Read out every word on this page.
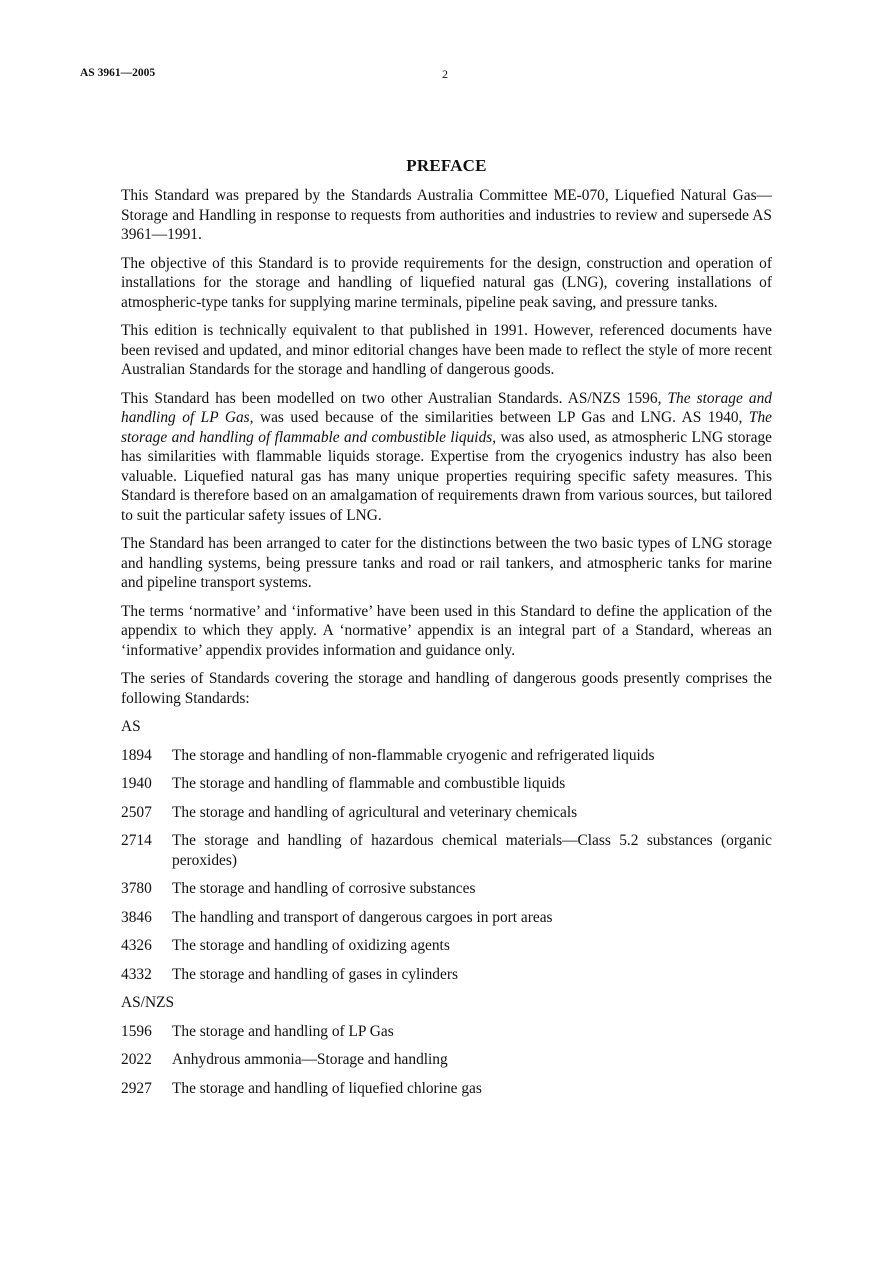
AS 3961—2005	2
PREFACE

This Standard was prepared by the Standards Australia Committee ME-070, Liquefied Natural Gas—Storage and Handling in response to requests from authorities and industries to review and supersede AS 3961—1991.

The objective of this Standard is to provide requirements for the design, construction and operation of installations for the storage and handling of liquefied natural gas (LNG), covering installations of atmospheric-type tanks for supplying marine terminals, pipeline peak saving, and pressure tanks.

This edition is technically equivalent to that published in 1991. However, referenced documents have been revised and updated, and minor editorial changes have been made to reflect the style of more recent Australian Standards for the storage and handling of dangerous goods.

This Standard has been modelled on two other Australian Standards. AS/NZS 1596, The storage and handling of LP Gas, was used because of the similarities between LP Gas and LNG. AS 1940, The storage and handling of flammable and combustible liquids, was also used, as atmospheric LNG storage has similarities with flammable liquids storage. Expertise from the cryogenics industry has also been valuable. Liquefied natural gas has many unique properties requiring specific safety measures. This Standard is therefore based on an amalgamation of requirements drawn from various sources, but tailored to suit the particular safety issues of LNG.

The Standard has been arranged to cater for the distinctions between the two basic types of LNG storage and handling systems, being pressure tanks and road or rail tankers, and atmospheric tanks for marine and pipeline transport systems.

The terms ‘normative’ and ‘informative’ have been used in this Standard to define the application of the appendix to which they apply. A ‘normative’ appendix is an integral part of a Standard, whereas an ‘informative’ appendix provides information and guidance only.

The series of Standards covering the storage and handling of dangerous goods presently comprises the following Standards:

AS
1894	The storage and handling of non-flammable cryogenic and refrigerated liquids
1940	The storage and handling of flammable and combustible liquids
2507	The storage and handling of agricultural and veterinary chemicals
2714	The storage and handling of hazardous chemical materials—Class 5.2 substances (organic peroxides)
3780	The storage and handling of corrosive substances
3846	The handling and transport of dangerous cargoes in port areas
4326	The storage and handling of oxidizing agents
4332	The storage and handling of gases in cylinders
AS/NZS
1596	The storage and handling of LP Gas
2022	Anhydrous ammonia—Storage and handling
2927	The storage and handling of liquefied chlorine gas
